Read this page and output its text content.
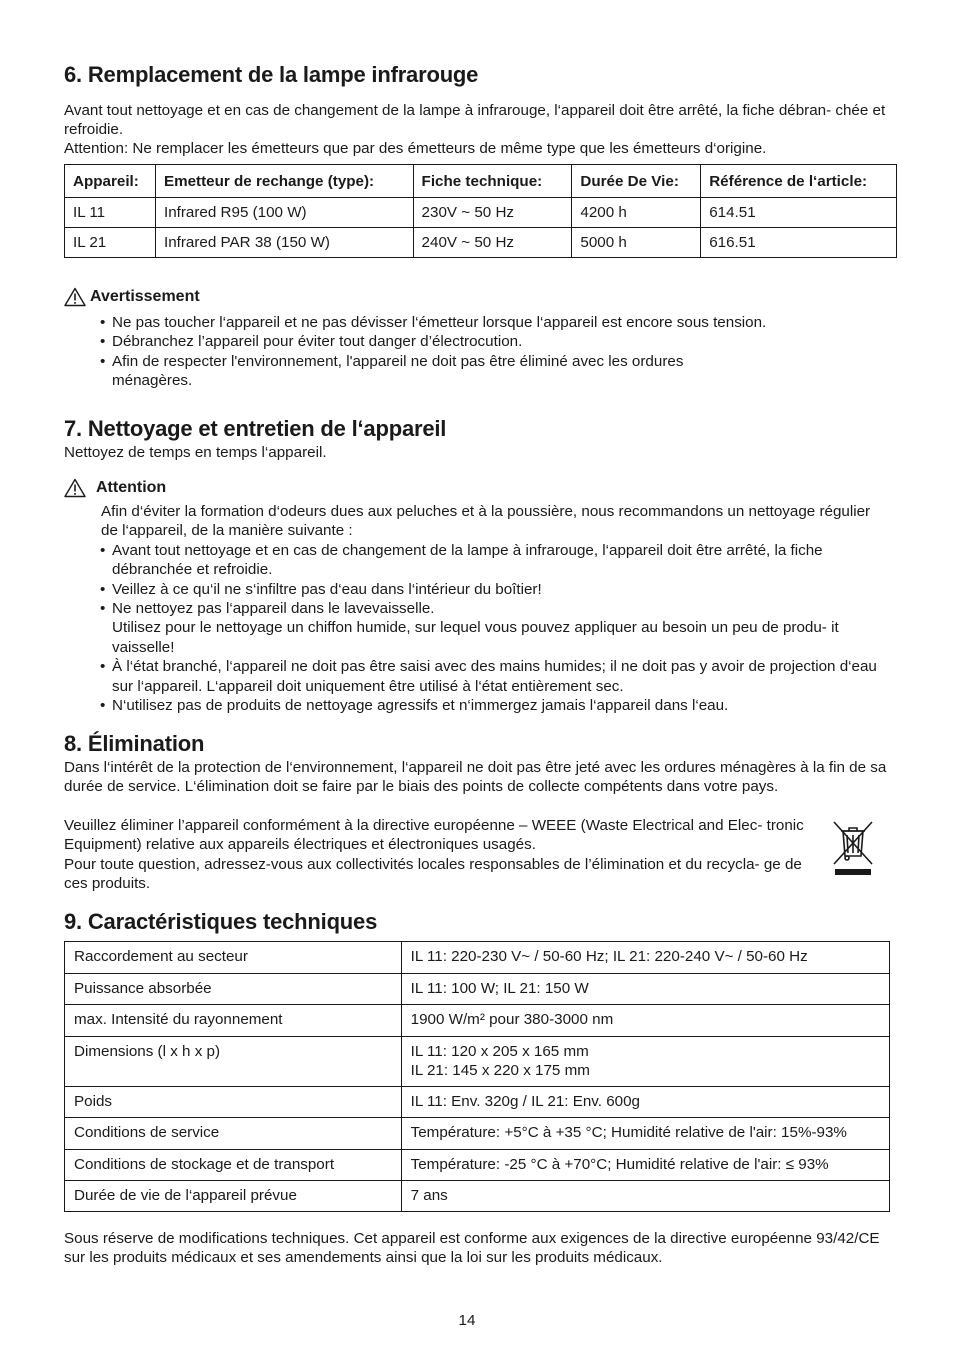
6. Remplacement de la lampe infrarouge
Avant tout nettoyage et en cas de changement de la lampe à infrarouge, l‘appareil doit être arrêté, la fiche débran- chée et refroidie.
Attention: Ne remplacer les émetteurs que par des émetteurs de même type que les émetteurs d‘origine.
Appareil:	Emetteur de rechange (type):	Fiche technique:	Durée De Vie:	Référence de l‘article:
IL 11	Infrared R95 (100 W)	230V ~ 50 Hz	4200 h	614.51
IL 21	Infrared PAR 38 (150 W)	240V ~ 50 Hz	5000 h	616.51
Avertissement
• Ne pas toucher l‘appareil et ne pas dévisser l‘émetteur lorsque l‘appareil est encore sous tension.
• Débranchez l’appareil pour éviter tout danger d’électrocution.
• Afin de respecter l'environnement, l'appareil ne doit pas être éliminé avec les ordures ménagères.
7. Nettoyage et entretien de l‘appareil
Nettoyez de temps en temps l‘appareil.
Attention
Afin d‘éviter la formation d‘odeurs dues aux peluches et à la poussière, nous recommandons un nettoyage régulier de l‘appareil, de la manière suivante :
• Avant tout nettoyage et en cas de changement de la lampe à infrarouge, l‘appareil doit être arrêté, la fiche débranchée et refroidie.
• Veillez à ce qu‘il ne s‘infiltre pas d‘eau dans l‘intérieur du boîtier!
• Ne nettoyez pas l‘appareil dans le lavevaisselle.
Utilisez pour le nettoyage un chiffon humide, sur lequel vous pouvez appliquer au besoin un peu de produ- it vaisselle!
• À l‘état branché, l‘appareil ne doit pas être saisi avec des mains humides; il ne doit pas y avoir de projection d‘eau sur l‘appareil. L‘appareil doit uniquement être utilisé à l‘état entièrement sec.
• N‘utilisez pas de produits de nettoyage agressifs et n‘immergez jamais l‘appareil dans l‘eau.
8. Élimination
Dans l‘intérêt de la protection de l‘environnement, l‘appareil ne doit pas être jeté avec les ordures ménagères à la fin de sa durée de service. L‘élimination doit se faire par le biais des points de collecte compétents dans votre pays.
Veuillez éliminer l’appareil conformément à la directive européenne – WEEE (Waste Electrical and Elec- tronic Equipment) relative aux appareils électriques et électroniques usagés.
Pour toute question, adressez-vous aux collectivités locales responsables de l’élimination et du recycla- ge de ces produits.
9. Caractéristiques techniques
Raccordement au secteur	IL 11: 220-230 V~ / 50-60 Hz; IL 21: 220-240 V~ / 50-60 Hz
Puissance absorbée	IL 11: 100 W; IL 21: 150 W
max. Intensité du rayonnement	1900 W/m² pour 380-3000 nm
Dimensions (l x h x p)	IL 11: 120 x 205 x 165 mm
IL 21: 145 x 220 x 175 mm

Poids	IL 11: Env. 320g / IL 21: Env. 600g
Conditions de service	Température: +5°C à +35 °C; Humidité relative de l'air: 15%-93%
Conditions de stockage et de transport	Température: -25 °C à +70°C; Humidité relative de l'air: ≤ 93%
Durée de vie de l‘appareil prévue	7 ans
Sous réserve de modifications techniques. Cet appareil est conforme aux exigences de la directive européenne 93/42/CE sur les produits médicaux et ses amendements ainsi que la loi sur les produits médicaux.
14
